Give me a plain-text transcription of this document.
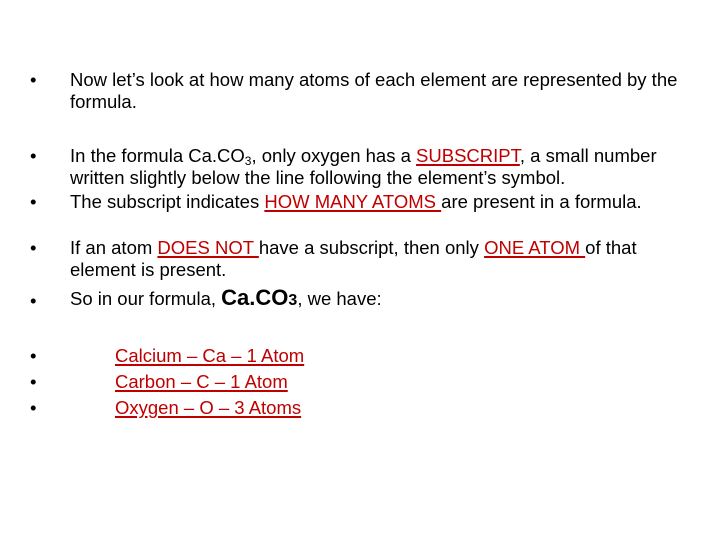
• Now let’s look at how many atoms of each element are represented by the formula.
• In the formula $Ca.CO_3$, only oxygen has a SUBSCRIPT, a small number written slightly below the line following the element’s symbol.
• The subscript indicates HOW MANY ATOMS are present in a formula.
• If an atom DOES NOT have a subscript, then only ONE ATOM of that element is present.
• So in our formula, Ca.CO3, we have:
•	Calcium – Ca – 1 Atom
•	Carbon – C – 1 Atom
•	Oxygen – O – 3 Atoms
